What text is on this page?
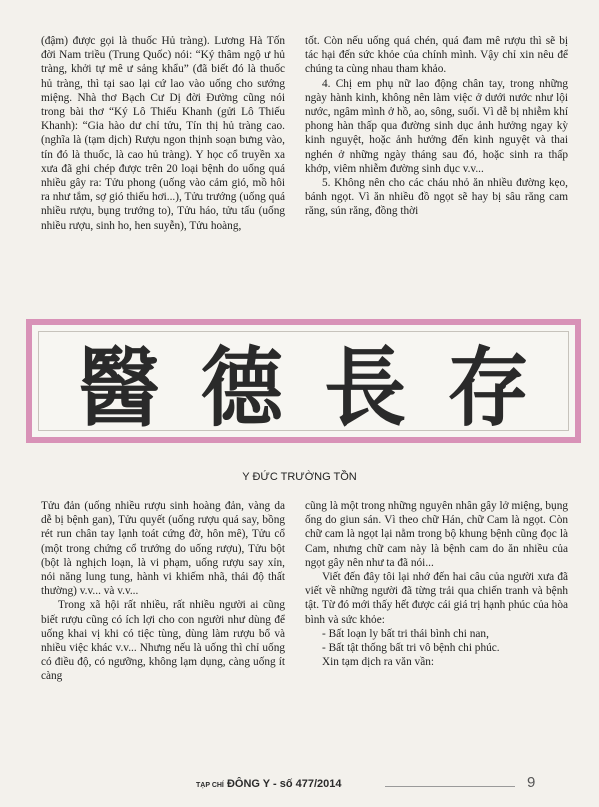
(đậm) được gọi là thuốc Hủ tràng). Lương Hà Tốn đời Nam triều (Trung Quốc) nói: “Ký thâm ngộ ư hủ tràng, khởi tự mê ư sảng khẩu” (đã biết đó là thuốc hủ tràng, thì tại sao lại cứ lao vào uống cho sướng miệng. Nhà thơ Bạch Cư Dị đời Đường cũng nói trong bài thơ “Ký Lô Thiếu Khanh (gửi Lô Thiếu Khanh): “Gia hào dư chỉ tửu, Tín thị hủ tràng cao. (nghĩa là (tạm dịch) Rượu ngon thịnh soạn bưng vào, tín đó là thuốc, là cao hủ tràng). Y học cổ truyền xa xưa đã ghi chép được trên 20 loại bệnh do uống quá nhiều gây ra: Tửu phong (uống vào cảm gió, mồ hôi ra như tắm, sợ gió thiếu hơi...), Tửu trướng (uống quá nhiều rượu, bụng trướng to), Tửu háo, tửu tấu (uống nhiều rượu, sinh ho, hen suyễn), Tửu hoàng,

tốt. Còn nếu uống quá chén, quá đam mê rượu thì sẽ bị tác hại đến sức khỏe của chính mình. Vậy chỉ xin nêu để chúng ta cùng nhau tham khảo.

4. Chị em phụ nữ lao động chân tay, trong những ngày hành kinh, không nên làm việc ở dưới nước như lội nước, ngâm mình ở hồ, ao, sông, suối. Vì dễ bị nhiễm khí phong hàn thấp qua đường sinh dục ảnh hưởng ngay kỳ kinh nguyệt, hoặc ảnh hưởng đến kinh nguyệt và thai nghén ở những ngày tháng sau đó, hoặc sinh ra thấp khớp, viêm nhiễm đường sinh dục v.v...

5. Không nên cho các cháu nhỏ ăn nhiều đường kẹo, bánh ngọt. Vì ăn nhiều đồ ngọt sẽ hay bị sâu răng cam răng, sún răng, đồng thời

醫 德 長 存
Y ĐỨC TRƯỜNG TỒN

Tửu đản (uống nhiều rượu sinh hoàng đản, vàng da dễ bị bệnh gan), Tửu quyết (uống rượu quá say, bồng rét run chân tay lạnh toát cứng đờ, hôn mê), Tửu cổ (một trong chứng cổ trướng do uống rượu), Tửu bột (bột là nghịch loạn, là vi phạm, uống rượu say xỉn, nói năng lung tung, hành vi khiếm nhã, thái độ thất thường) v.v... và v.v...

Trong xã hội rất nhiều, rất nhiều người ai cũng biết rượu cũng có ích lợi cho con người như dùng để uống khai vị khi có tiệc tùng, dùng làm rượu bổ và nhiều việc khác v.v... Nhưng nếu là uống thì chỉ uống có điều độ, có ngưỡng, không lạm dụng, càng uống ít càng

cũng là một trong những nguyên nhân gây lở miệng, bụng ống do giun sán. Vì theo chữ Hán, chữ Cam là ngọt. Còn chữ cam là ngọt lại nằm trong bộ khung bệnh cũng đọc là Cam, nhưng chữ cam này là bệnh cam do ăn nhiều của ngọt gây nên như ta đã nói...

Viết đến đây tôi lại nhớ đến hai câu của người xưa đã viết về những người đã từng trải qua chiến tranh và bệnh tật. Từ đó mới thấy hết được cái giá trị hạnh phúc của hòa bình và sức khỏe:

- Bất loạn ly bất tri thái bình chi nan,

- Bất tật thống bất tri vô bệnh chi phúc.

Xin tạm dịch ra văn vần:

TẠP CHÍ ĐÔNG Y - số 477/2014	9
